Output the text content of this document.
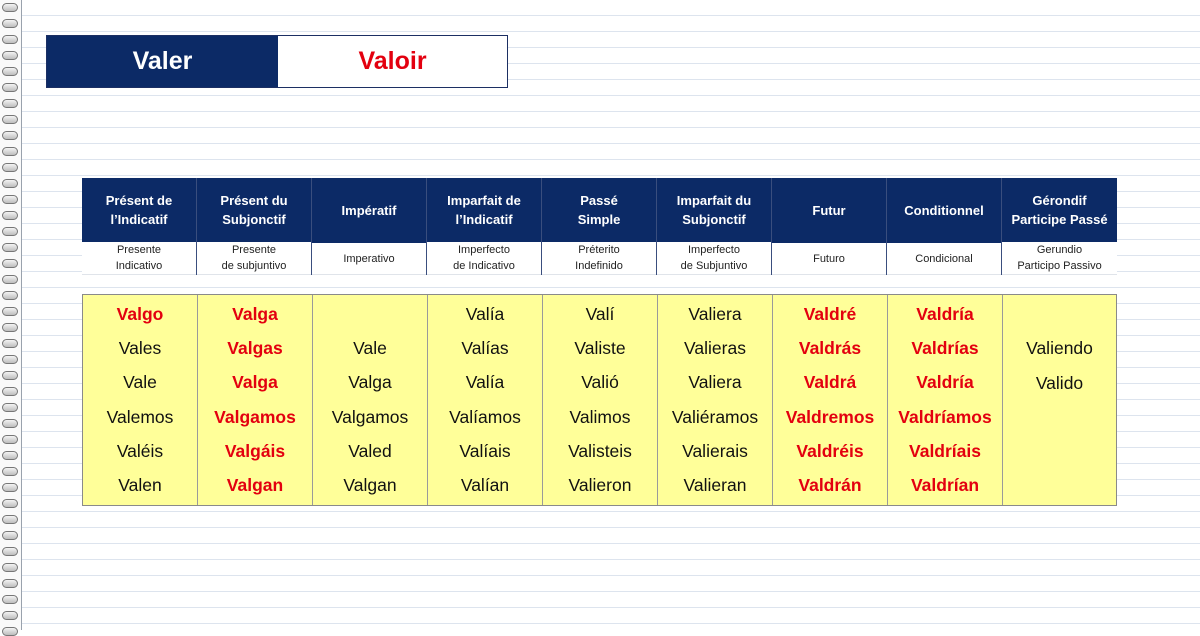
Valer	Valoir
Présent de
l’Indicatif
Presente
Indicativo
Présent du
Subjonctif
Presente
de subjuntivo
Impératif
Imperativo
Imparfait de
l’Indicatif
Imperfecto
de Indicativo
Passé
Simple
Préterito
Indefinido
Imparfait du
Subjonctif
Imperfecto
de Subjuntivo
Futur
Futuro
Conditionnel
Condicional
Gérondif
Participe Passé
Gerundio
Participo Passivo
Valgo
Vales
Vale
Valemos
Valéis
Valen
Valga
Valgas
Valga
Valgamos
Valgáis
Valgan
Vale
Valga
Valgamos
Valed
Valgan
Valía
Valías
Valía
Valíamos
Valíais
Valían
Valí
Valiste
Valió
Valimos
Valisteis
Valieron
Valiera
Valieras
Valiera
Valiéramos
Valierais
Valieran
Valdré
Valdrás
Valdrá
Valdremos
Valdréis
Valdrán
Valdría
Valdrías
Valdría
Valdríamos
Valdríais
Valdrían
Valiendo
Valido
